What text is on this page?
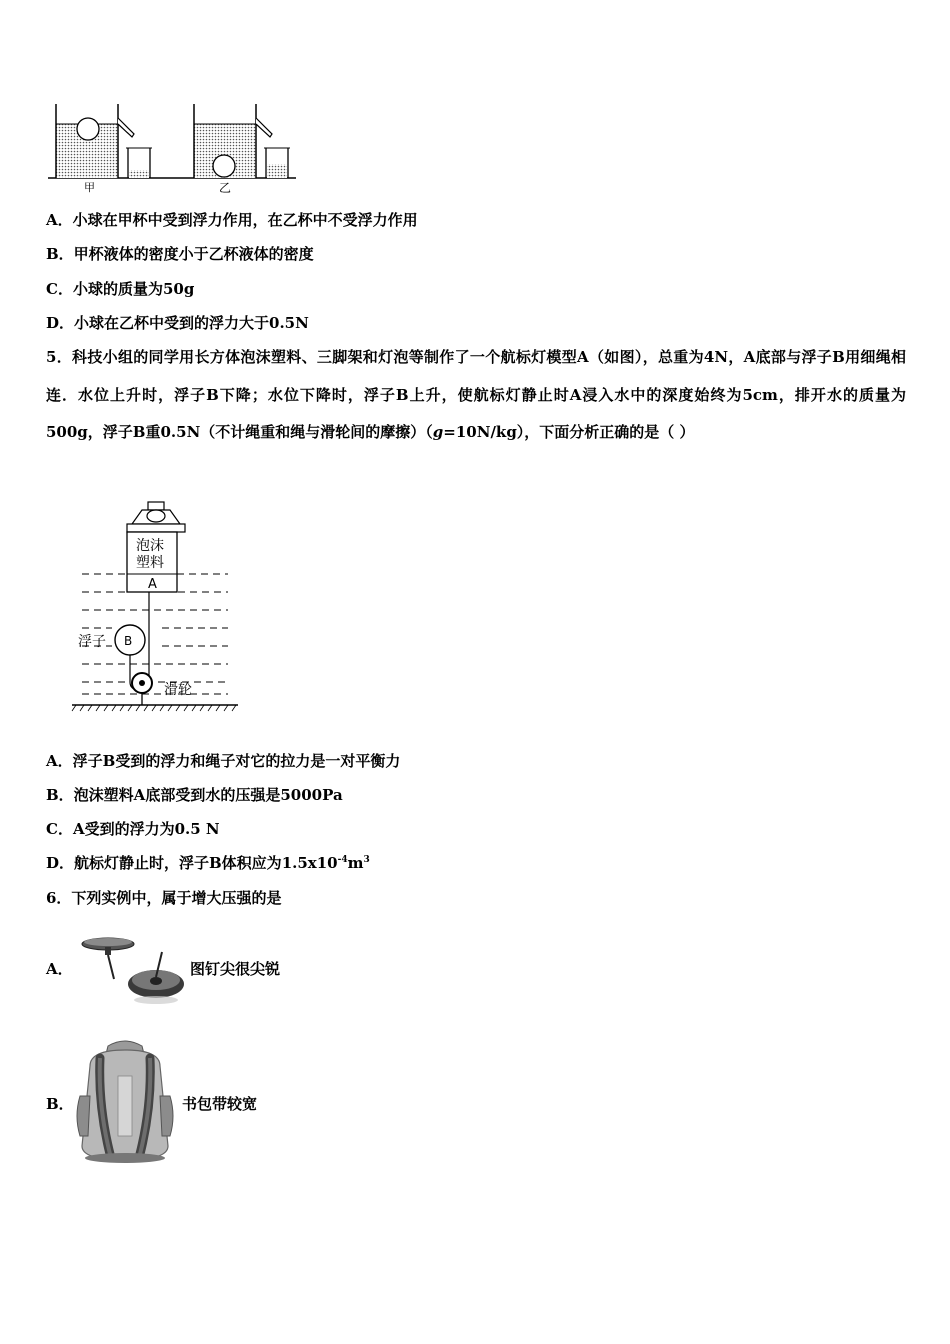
甲	乙
A．小球在甲杯中受到浮力作用，在乙杯中不受浮力作用
B．甲杯液体的密度小于乙杯液体的密度
C．小球的质量为50g
D．小球在乙杯中受到的浮力大于0.5N
5．科技小组的同学用长方体泡沫塑料、三脚架和灯泡等制作了一个航标灯模型A（如图），总重为4N，A底部与浮子B用细绳相连．水位上升时，浮子B下降；水位下降时，浮子B上升，使航标灯静止时A浸入水中的深度始终为5cm，排开水的质量为500g，浮子B重0.5N（不计绳重和绳与滑轮间的摩擦）（g=10N/kg），下面分析正确的是（ ）
泡沫
塑料
A
B
滑轮
浮子
A．浮子B受到的浮力和绳子对它的拉力是一对平衡力
B．泡沫塑料A底部受到水的压强是5000Pa
C．A受到的浮力为0.5 N
D．航标灯静止时，浮子B体积应为$1.5x10^{-4}m^3$
6．下列实例中，属于增大压强的是
A．	图钉尖很尖锐
B．	书包带较宽
